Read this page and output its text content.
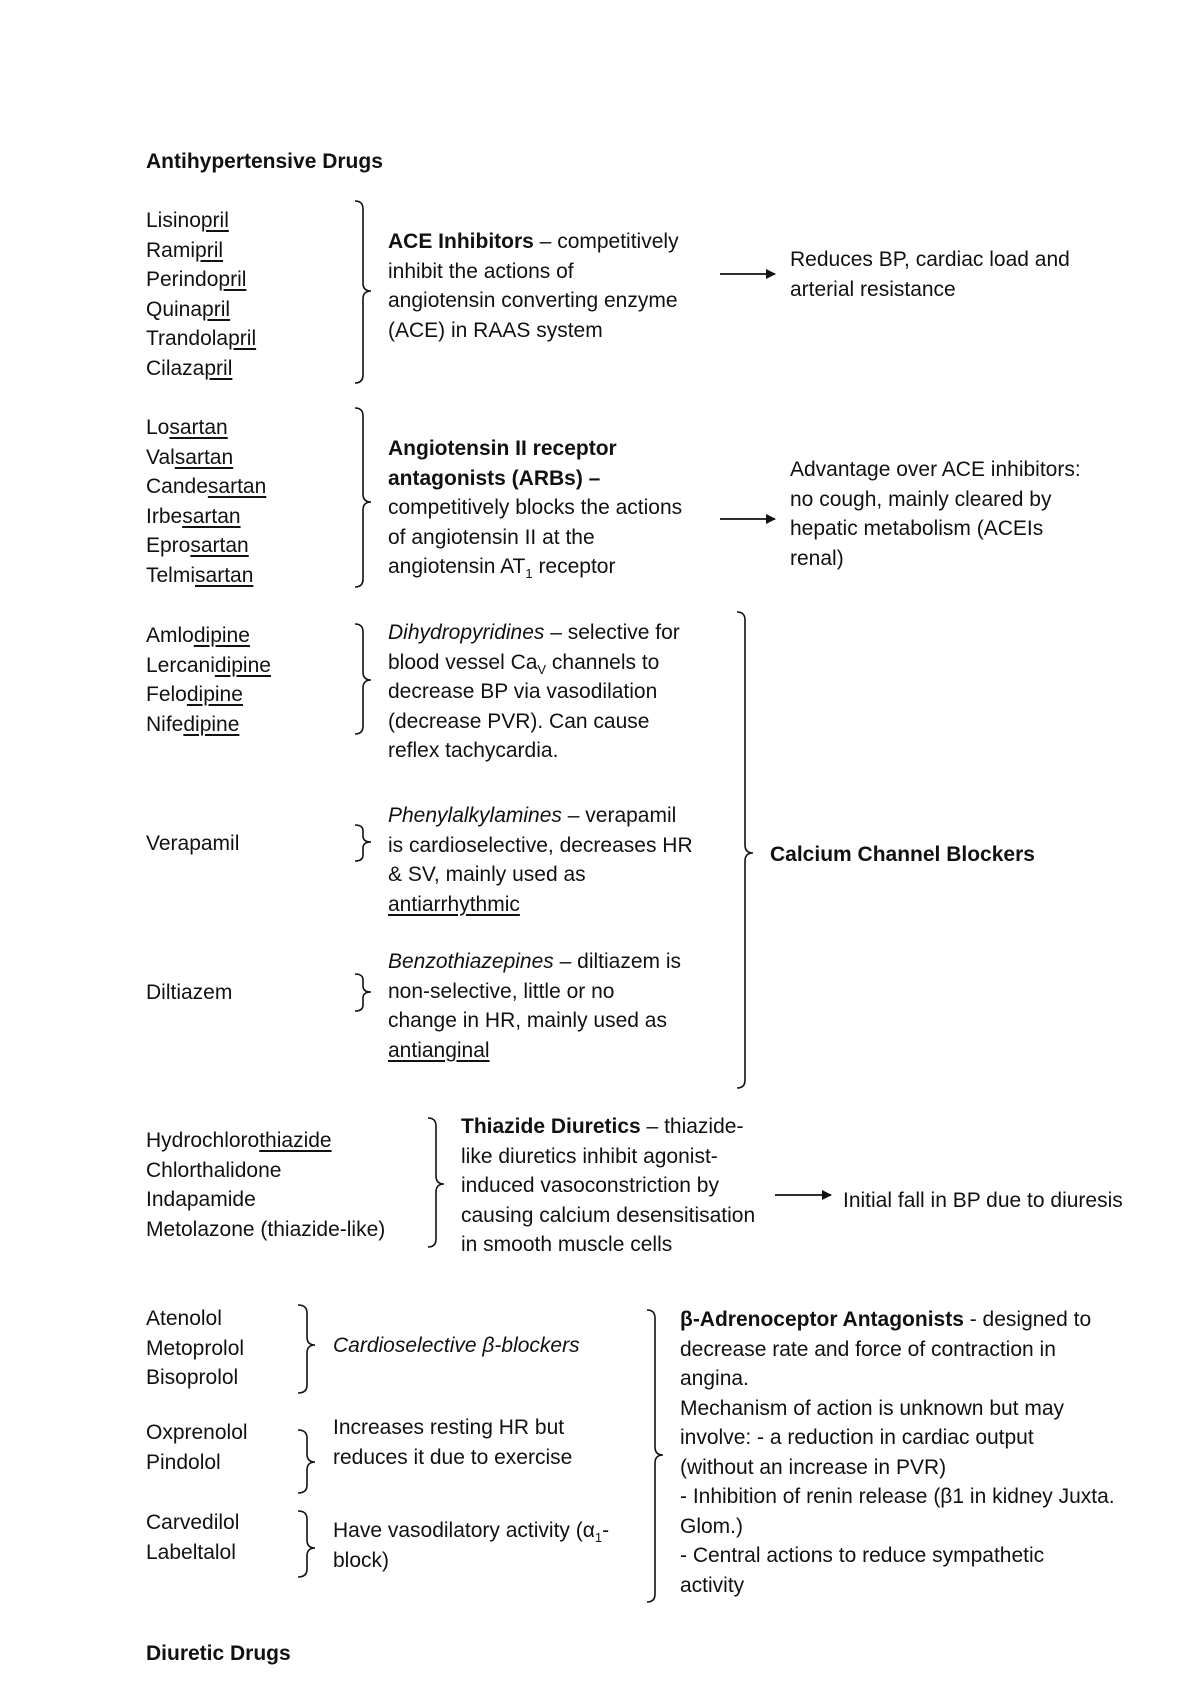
Antihypertensive Drugs
Lisinopril
Ramipril
Perindopril
Quinapril
Trandolapril
Cilazapril
ACE Inhibitors – competitively
inhibit the actions of
angiotensin converting enzyme
(ACE) in RAAS system
Reduces BP, cardiac load and
arterial resistance
Losartan
Valsartan
Candesartan
Irbesartan
Eprosartan
Telmisartan
Angiotensin II receptor
antagonists (ARBs) –
competitively blocks the actions
of angiotensin II at the
angiotensin $AT_1$ receptor
Advantage over ACE inhibitors:
no cough, mainly cleared by
hepatic metabolism (ACEIs
renal)
Amlodipine
Lercanidipine
Felodipine
Nifedipine
Dihydropyridines – selective for
blood vessel $Ca_V$ channels to
decrease BP via vasodilation
(decrease PVR). Can cause
reflex tachycardia.
Verapamil
Phenylalkylamines – verapamil
is cardioselective, decreases HR
& SV, mainly used as
antiarrhythmic
Diltiazem
Benzothiazepines – diltiazem is
non-selective, little or no
change in HR, mainly used as
antianginal
Calcium Channel Blockers
Hydrochlorothiazide
Chlorthalidone
Indapamide
Metolazone (thiazide-like)
Thiazide Diuretics – thiazide-
like diuretics inhibit agonist-
induced vasoconstriction by
causing calcium desensitisation
in smooth muscle cells
Initial fall in BP due to diuresis
Atenolol
Metoprolol
Bisoprolol
Cardioselective β-blockers
Oxprenolol
Pindolol
Increases resting HR but
reduces it due to exercise
Carvedilol
Labeltalol
Have vasodilatory activity ($\alpha_1-$
block)
β-Adrenoceptor Antagonists - designed to
decrease rate and force of contraction in
angina.
Mechanism of action is unknown but may
involve: - a reduction in cardiac output
(without an increase in PVR)
- Inhibition of renin release (β1 in kidney Juxta.
Glom.)
- Central actions to reduce sympathetic
activity
Diuretic Drugs
